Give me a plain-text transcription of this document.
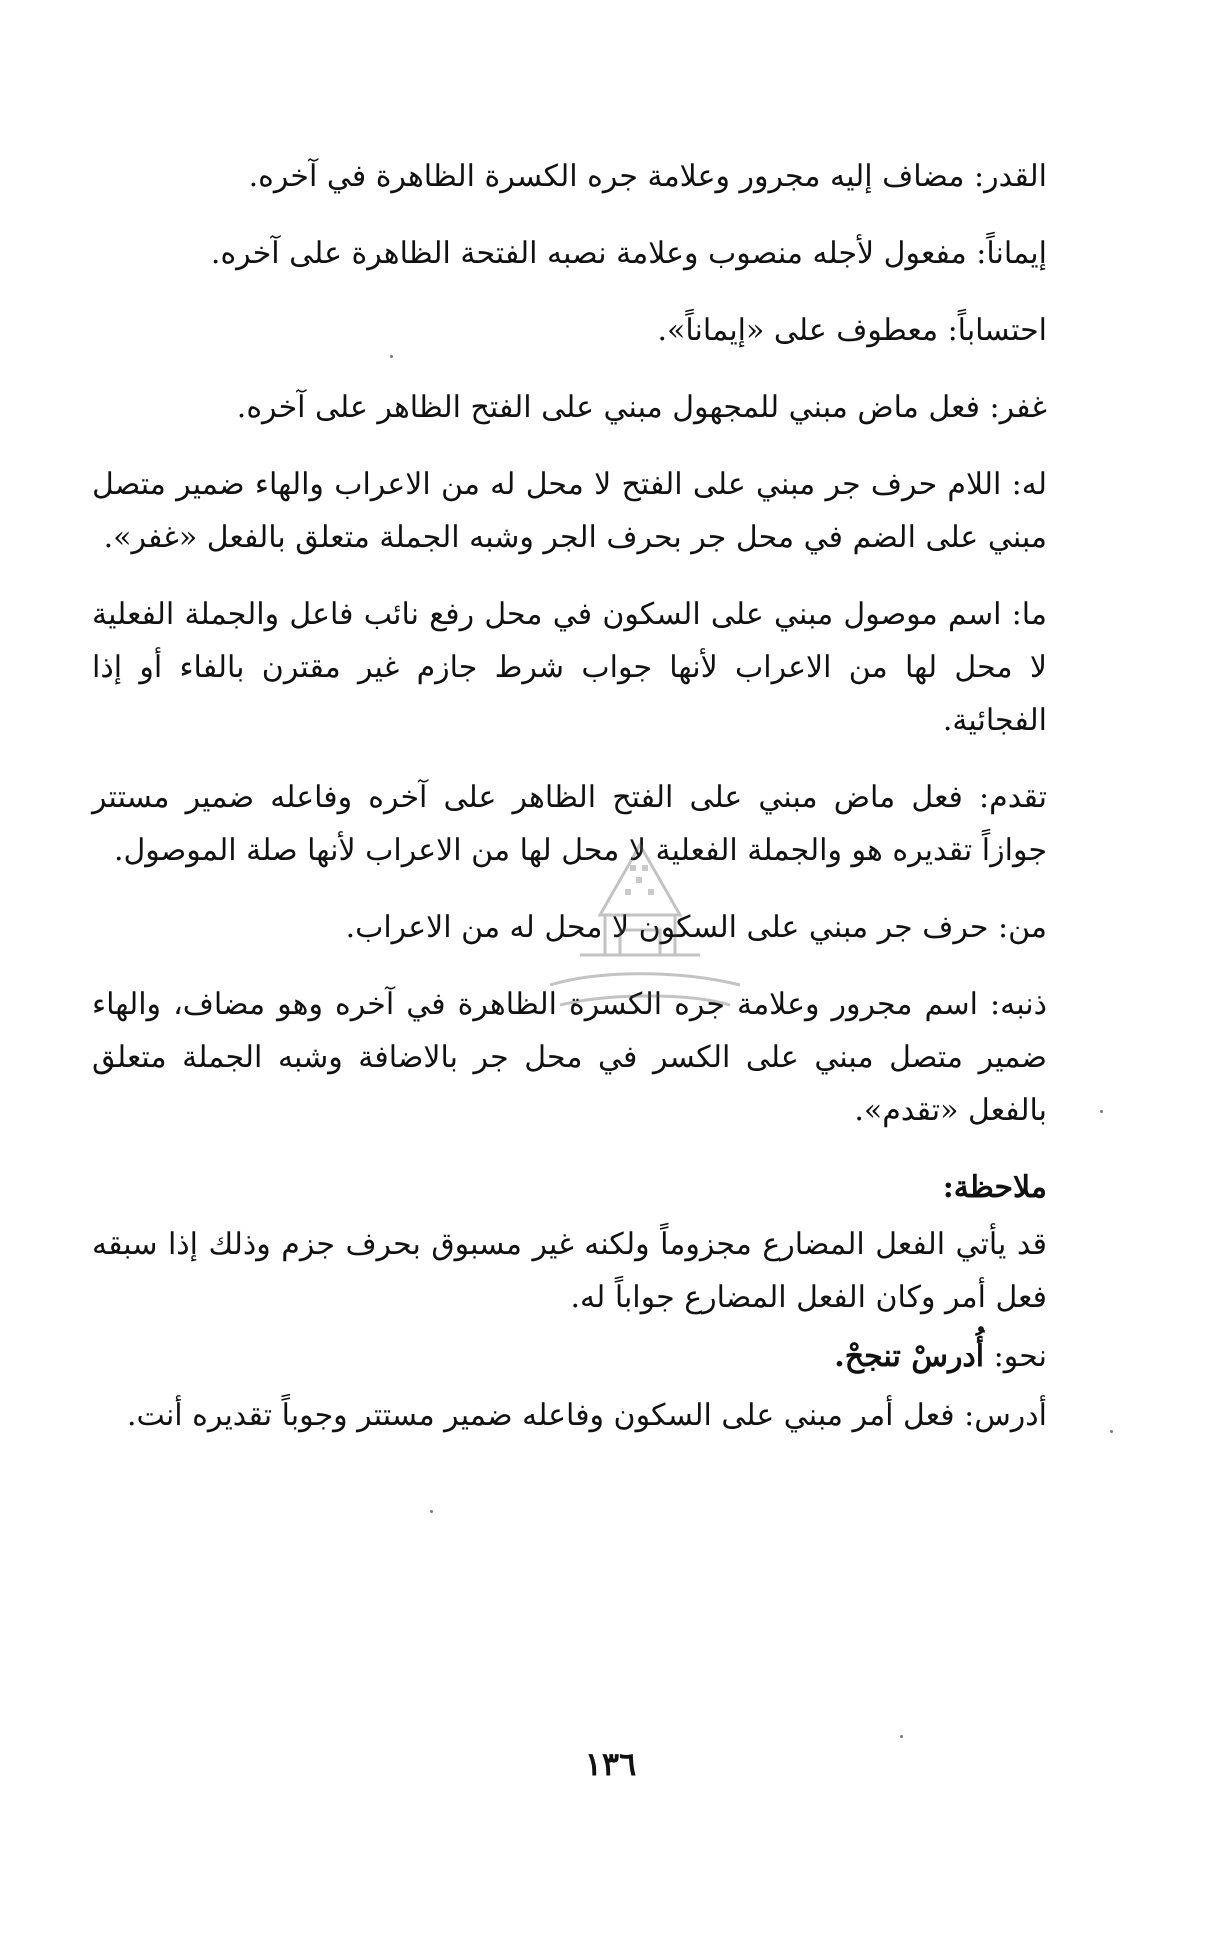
القدر: مضاف إليه مجرور وعلامة جره الكسرة الظاهرة في آخره.

إيماناً: مفعول لأجله منصوب وعلامة نصبه الفتحة الظاهرة على آخره.

احتساباً: معطوف على «إيماناً».

غفر: فعل ماض مبني للمجهول مبني على الفتح الظاهر على آخره.

له: اللام حرف جر مبني على الفتح لا محل له من الاعراب والهاء ضمير متصل مبني على الضم في محل جر بحرف الجر وشبه الجملة متعلق بالفعل «غفر».

ما: اسم موصول مبني على السكون في محل رفع نائب فاعل والجملة الفعلية لا محل لها من الاعراب لأنها جواب شرط جازم غير مقترن بالفاء أو إذا الفجائية.

تقدم: فعل ماض مبني على الفتح الظاهر على آخره وفاعله ضمير مستتر جوازاً تقديره هو والجملة الفعلية لا محل لها من الاعراب لأنها صلة الموصول.

من: حرف جر مبني على السكون لا محل له من الاعراب.

ذنبه: اسم مجرور وعلامة جره الكسرة الظاهرة في آخره وهو مضاف، والهاء ضمير متصل مبني على الكسر في محل جر بالاضافة وشبه الجملة متعلق بالفعل «تقدم».

ملاحظة:

قد يأتي الفعل المضارع مجزوماً ولكنه غير مسبوق بحرف جزم وذلك إذا سبقه فعل أمر وكان الفعل المضارع جواباً له.

نحو: أُدرسْ تنجحْ.

أدرس: فعل أمر مبني على السكون وفاعله ضمير مستتر وجوباً تقديره أنت.

١٣٦
